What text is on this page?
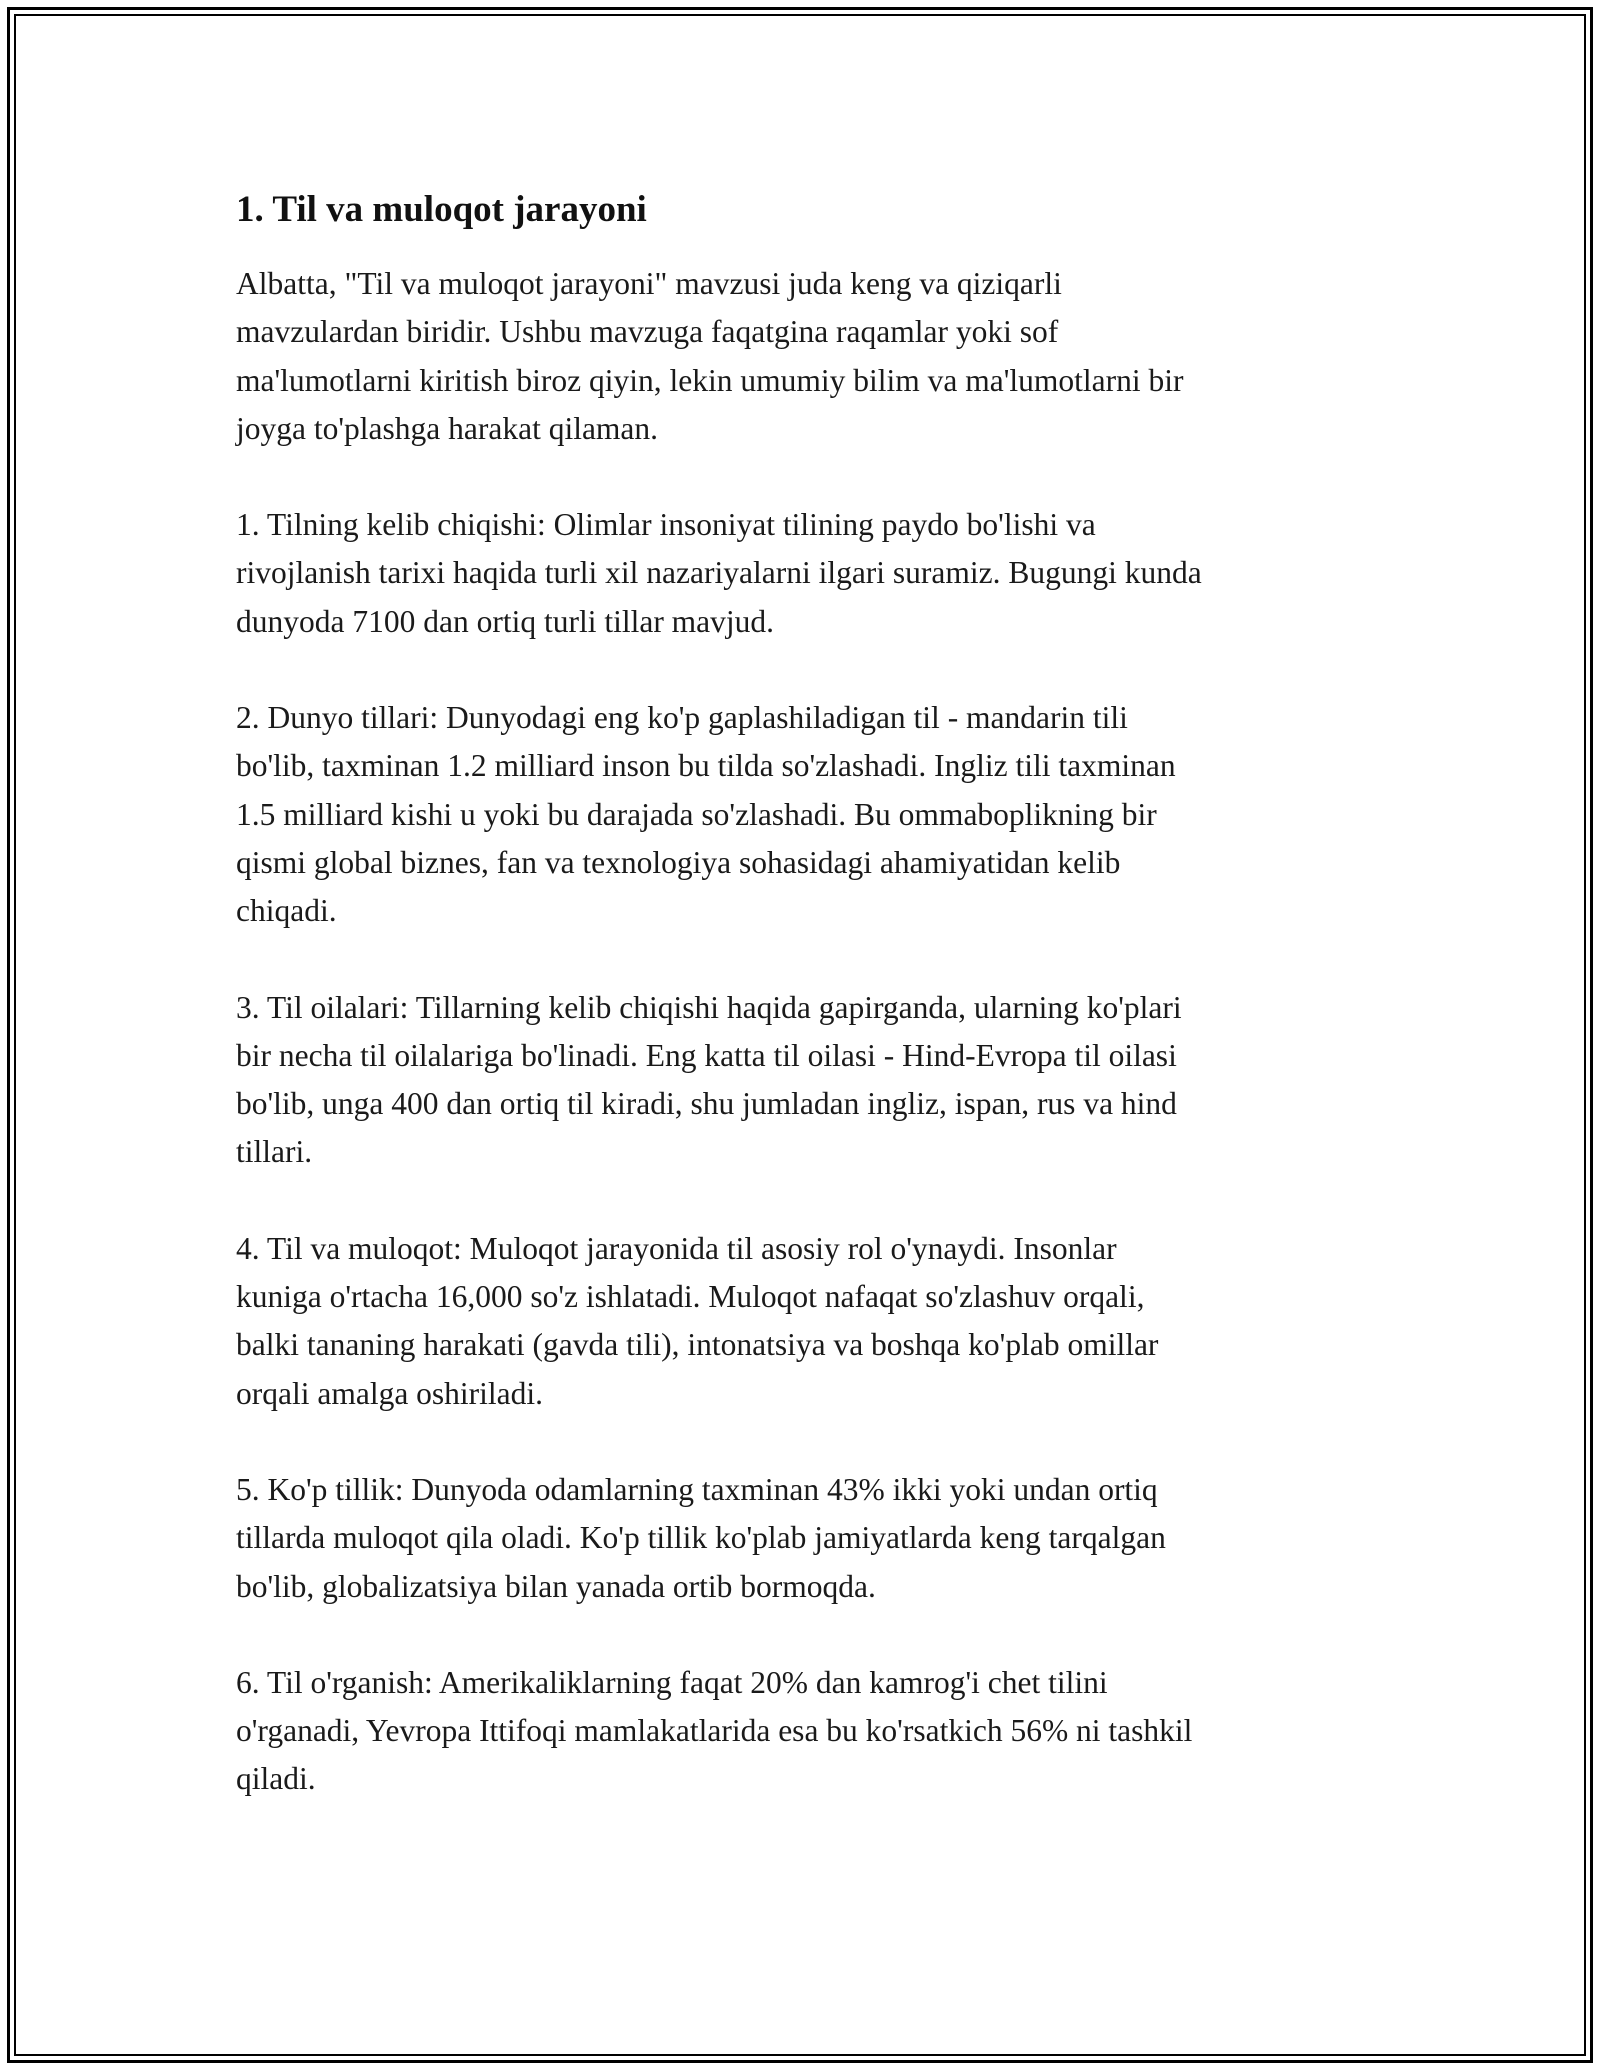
1. Til va muloqot jarayoni

Albatta, "Til va muloqot jarayoni" mavzusi juda keng va qiziqarli
mavzulardan biridir. Ushbu mavzuga faqatgina raqamlar yoki sof
ma'lumotlarni kiritish biroz qiyin, lekin umumiy bilim va ma'lumotlarni bir
joyga to'plashga harakat qilaman.

1. Tilning kelib chiqishi: Olimlar insoniyat tilining paydo bo'lishi va
rivojlanish tarixi haqida turli xil nazariyalarni ilgari suramiz. Bugungi kunda
dunyoda 7100 dan ortiq turli tillar mavjud.

2. Dunyo tillari: Dunyodagi eng ko'p gaplashiladigan til - mandarin tili
bo'lib, taxminan 1.2 milliard inson bu tilda so'zlashadi. Ingliz tili taxminan
1.5 milliard kishi u yoki bu darajada so'zlashadi. Bu ommaboplikning bir
qismi global biznes, fan va texnologiya sohasidagi ahamiyatidan kelib
chiqadi.

3. Til oilalari: Tillarning kelib chiqishi haqida gapirganda, ularning ko'plari
bir necha til oilalariga bo'linadi. Eng katta til oilasi - Hind-Evropa til oilasi
bo'lib, unga 400 dan ortiq til kiradi, shu jumladan ingliz, ispan, rus va hind
tillari.

4. Til va muloqot: Muloqot jarayonida til asosiy rol o'ynaydi. Insonlar
kuniga o'rtacha 16,000 so'z ishlatadi. Muloqot nafaqat so'zlashuv orqali,
balki tananing harakati (gavda tili), intonatsiya va boshqa ko'plab omillar
orqali amalga oshiriladi.

5. Ko'p tillik: Dunyoda odamlarning taxminan 43% ikki yoki undan ortiq
tillarda muloqot qila oladi. Ko'p tillik ko'plab jamiyatlarda keng tarqalgan
bo'lib, globalizatsiya bilan yanada ortib bormoqda.

6. Til o'rganish: Amerikaliklarning faqat 20% dan kamrog'i chet tilini
o'rganadi, Yevropa Ittifoqi mamlakatlarida esa bu ko'rsatkich 56% ni tashkil
qiladi.
